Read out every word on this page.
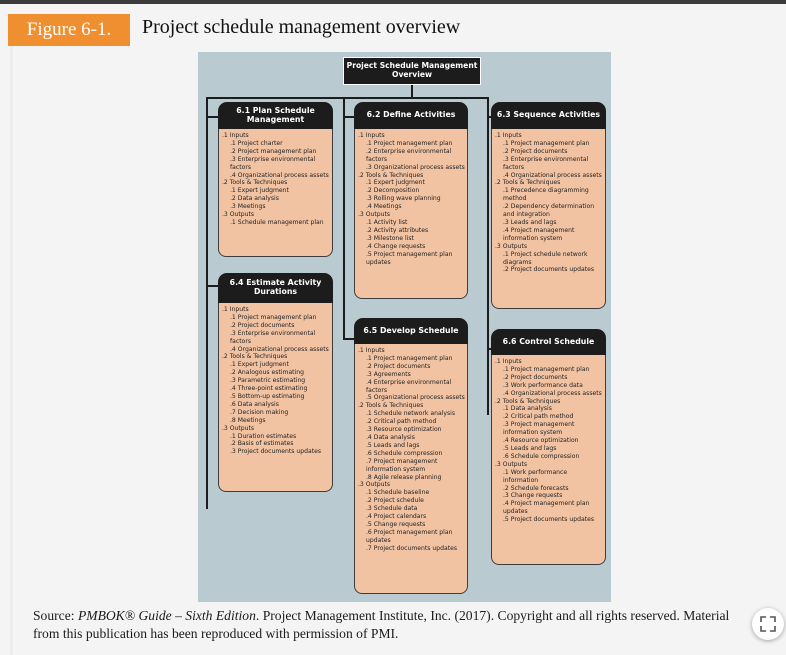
Figure 6-1.	Project schedule management overview
Project Schedule Management Overview
6.1 Plan Schedule Management
.1 Inputs
.1 Project charter
.2 Project management plan
.3 Enterprise environmental factors
.4 Organizational process assets
.2 Tools & Techniques
.1 Expert judgment
.2 Data analysis
.3 Meetings
.3 Outputs
.1 Schedule management plan
6.2 Define Activities
.1 Inputs
.1 Project management plan
.2 Enterprise environmental factors
.3 Organizational process assets
.2 Tools & Techniques
.1 Expert judgment
.2 Decomposition
.3 Rolling wave planning
.4 Meetings
.3 Outputs
.1 Activity list
.2 Activity attributes
.3 Milestone list
.4 Change requests
.5 Project management plan updates
6.3 Sequence Activities
.1 Inputs
.1 Project management plan
.2 Project documents
.3 Enterprise environmental factors
.4 Organizational process assets
.2 Tools & Techniques
.1 Precedence diagramming method
.2 Dependency determination and integration
.3 Leads and lags
.4 Project management information system
.3 Outputs
.1 Project schedule network diagrams
.2 Project documents updates
6.4 Estimate Activity Durations
.1 Inputs
.1 Project management plan
.2 Project documents
.3 Enterprise environmental factors
.4 Organizational process assets
.2 Tools & Techniques
.1 Expert judgment
.2 Analogous estimating
.3 Parametric estimating
.4 Three-point estimating
.5 Bottom-up estimating
.6 Data analysis
.7 Decision making
.8 Meetings
.3 Outputs
.1 Duration estimates
.2 Basis of estimates
.3 Project documents updates
6.5 Develop Schedule
.1 Inputs
.1 Project management plan
.2 Project documents
.3 Agreements
.4 Enterprise environmental factors
.5 Organizational process assets
.2 Tools & Techniques
.1 Schedule network analysis
.2 Critical path method
.3 Resource optimization
.4 Data analysis
.5 Leads and lags
.6 Schedule compression
.7 Project management information system
.8 Agile release planning
.3 Outputs
.1 Schedule baseline
.2 Project schedule
.3 Schedule data
.4 Project calendars
.5 Change requests
.6 Project management plan updates
.7 Project documents updates
6.6 Control Schedule
.1 Inputs
.1 Project management plan
.2 Project documents
.3 Work performance data
.4 Organizational process assets
.2 Tools & Techniques
.1 Data analysis
.2 Critical path method
.3 Project management information system
.4 Resource optimization
.5 Leads and lags
.6 Schedule compression
.3 Outputs
.1 Work performance information
.2 Schedule forecasts
.3 Change requests
.4 Project management plan updates
.5 Project documents updates
Source: PMBOK® Guide – Sixth Edition. Project Management Institute, Inc. (2017). Copyright and all rights reserved. Material from this publication has been reproduced with permission of PMI.
